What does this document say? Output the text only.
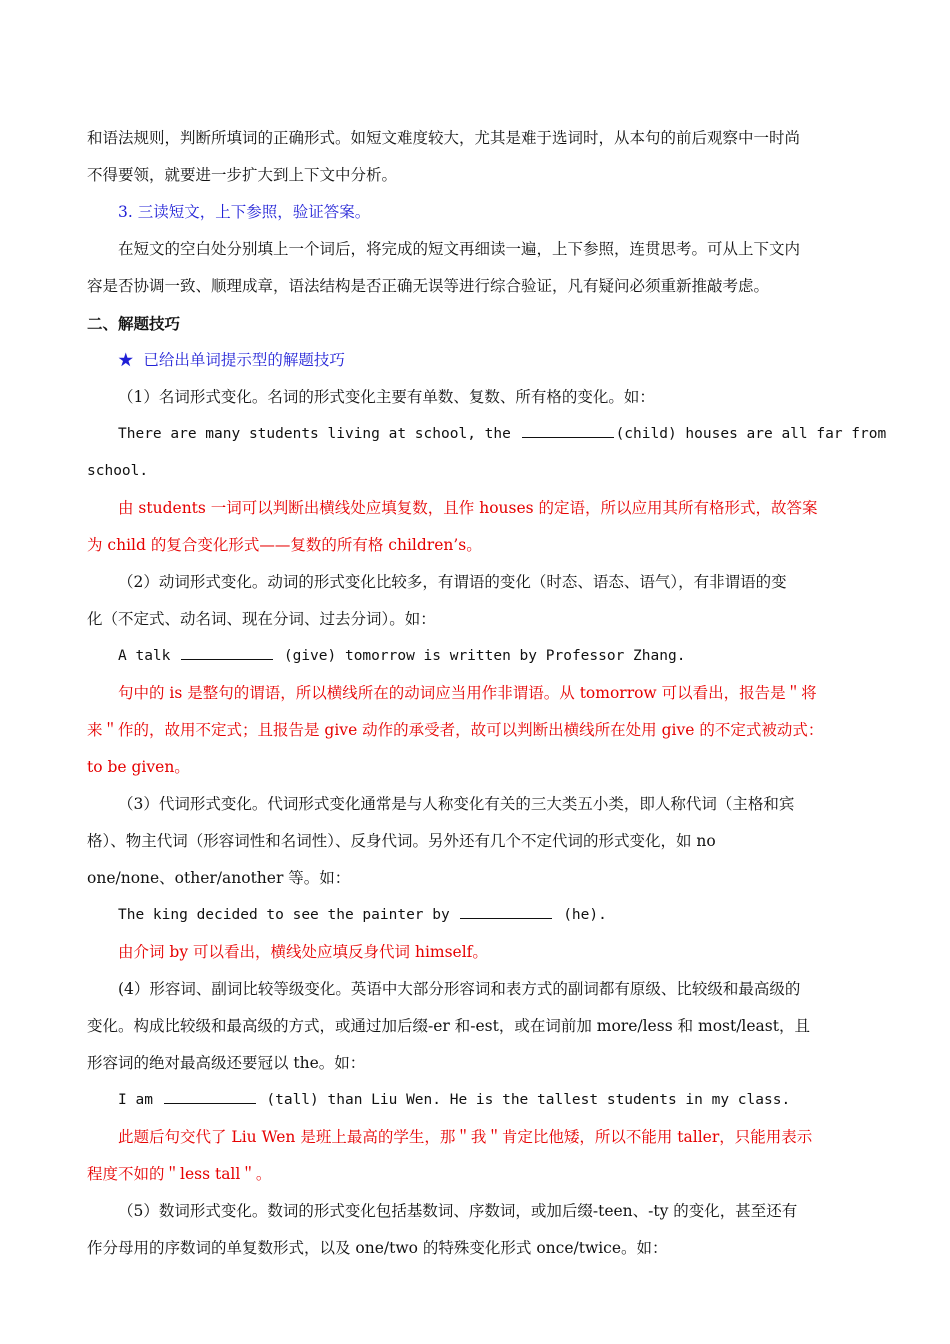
和语法规则，判断所填词的正确形式。如短文难度较大，尤其是难于选词时，从本句的前后观察中一时尚

不得要领，就要进一步扩大到上下文中分析。

3. 三读短文，上下参照，验证答案。

在短文的空白处分别填上一个词后，将完成的短文再细读一遍，上下参照，连贯思考。可从上下文内

容是否协调一致、顺理成章，语法结构是否正确无误等进行综合验证，凡有疑问必须重新推敲考虑。

二、解题技巧

★ 已给出单词提示型的解题技巧

（1）名词形式变化。名词的形式变化主要有单数、复数、所有格的变化。如：

There are many students living at school, the	(child) houses are all far from

school.

由 students 一词可以判断出横线处应填复数，且作 houses 的定语，所以应用其所有格形式，故答案

为 child 的复合变化形式——复数的所有格 children’s。

（2）动词形式变化。动词的形式变化比较多，有谓语的变化（时态、语态、语气），有非谓语的变

化（不定式、动名词、现在分词、过去分词）。如：

A talk	(give) tomorrow is written by Professor Zhang.

句中的 is 是整句的谓语，所以横线所在的动词应当用作非谓语。从 tomorrow 可以看出，报告是＂将

来＂作的，故用不定式；且报告是 give 动作的承受者，故可以判断出横线所在处用 give 的不定式被动式：

to be given。

（3）代词形式变化。代词形式变化通常是与人称变化有关的三大类五小类，即人称代词（主格和宾

格）、物主代词（形容词性和名词性）、反身代词。另外还有几个不定代词的形式变化，如 no

one/none、other/another 等。如：

The king decided to see the painter by	(he).

由介词 by 可以看出，横线处应填反身代词 himself。

(4）形容词、副词比较等级变化。英语中大部分形容词和表方式的副词都有原级、比较级和最高级的

变化。构成比较级和最高级的方式，或通过加后缀-er 和-est，或在词前加 more/less 和 most/least，且

形容词的绝对最高级还要冠以 the。如：

I am	(tall) than Liu Wen. He is the tallest students in my class.

此题后句交代了 Liu Wen 是班上最高的学生，那＂我＂肯定比他矮，所以不能用 taller，只能用表示

程度不如的＂less tall＂。

（5）数词形式变化。数词的形式变化包括基数词、序数词，或加后缀-teen、-ty 的变化，甚至还有

作分母用的序数词的单复数形式，以及 one/two 的特殊变化形式 once/twice。如：
